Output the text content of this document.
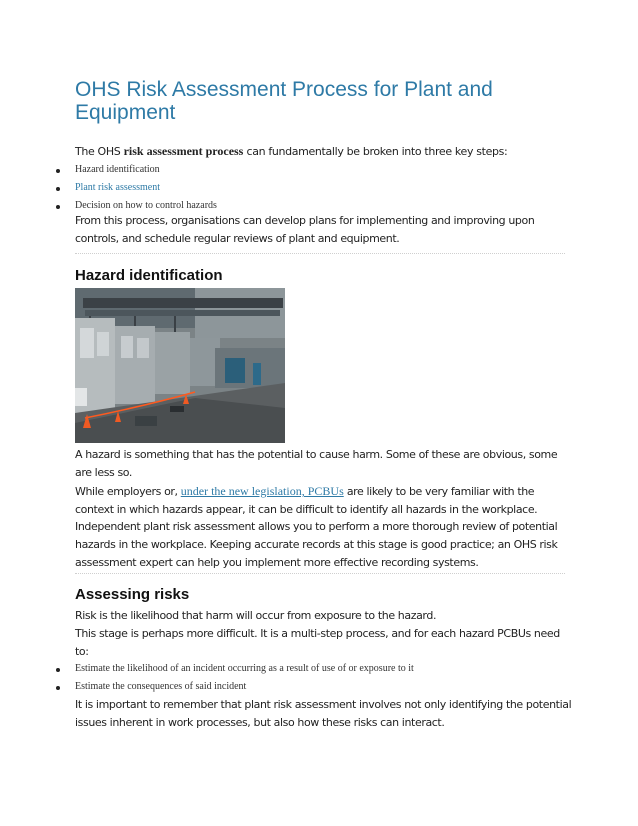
OHS Risk Assessment Process for Plant and Equipment
The OHS risk assessment process can fundamentally be broken into three key steps:
Hazard identification
Plant risk assessment
Decision on how to control hazards

From this process, organisations can develop plans for implementing and improving upon controls, and schedule regular reviews of plant and equipment.

Hazard identification

A hazard is something that has the potential to cause harm. Some of these are obvious, some are less so.

While employers or, under the new legislation, PCBUs are likely to be very familiar with the context in which hazards appear, it can be difficult to identify all hazards in the workplace.

Independent plant risk assessment allows you to perform a more thorough review of potential hazards in the workplace. Keeping accurate records at this stage is good practice; an OHS risk assessment expert can help you implement more effective recording systems.

Assessing risks

Risk is the likelihood that harm will occur from exposure to the hazard.

This stage is perhaps more difficult. It is a multi-step process, and for each hazard PCBUs need to:

Estimate the likelihood of an incident occurring as a result of use of or exposure to it
Estimate the consequences of said incident

It is important to remember that plant risk assessment involves not only identifying the potential issues inherent in work processes, but also how these risks can interact.
